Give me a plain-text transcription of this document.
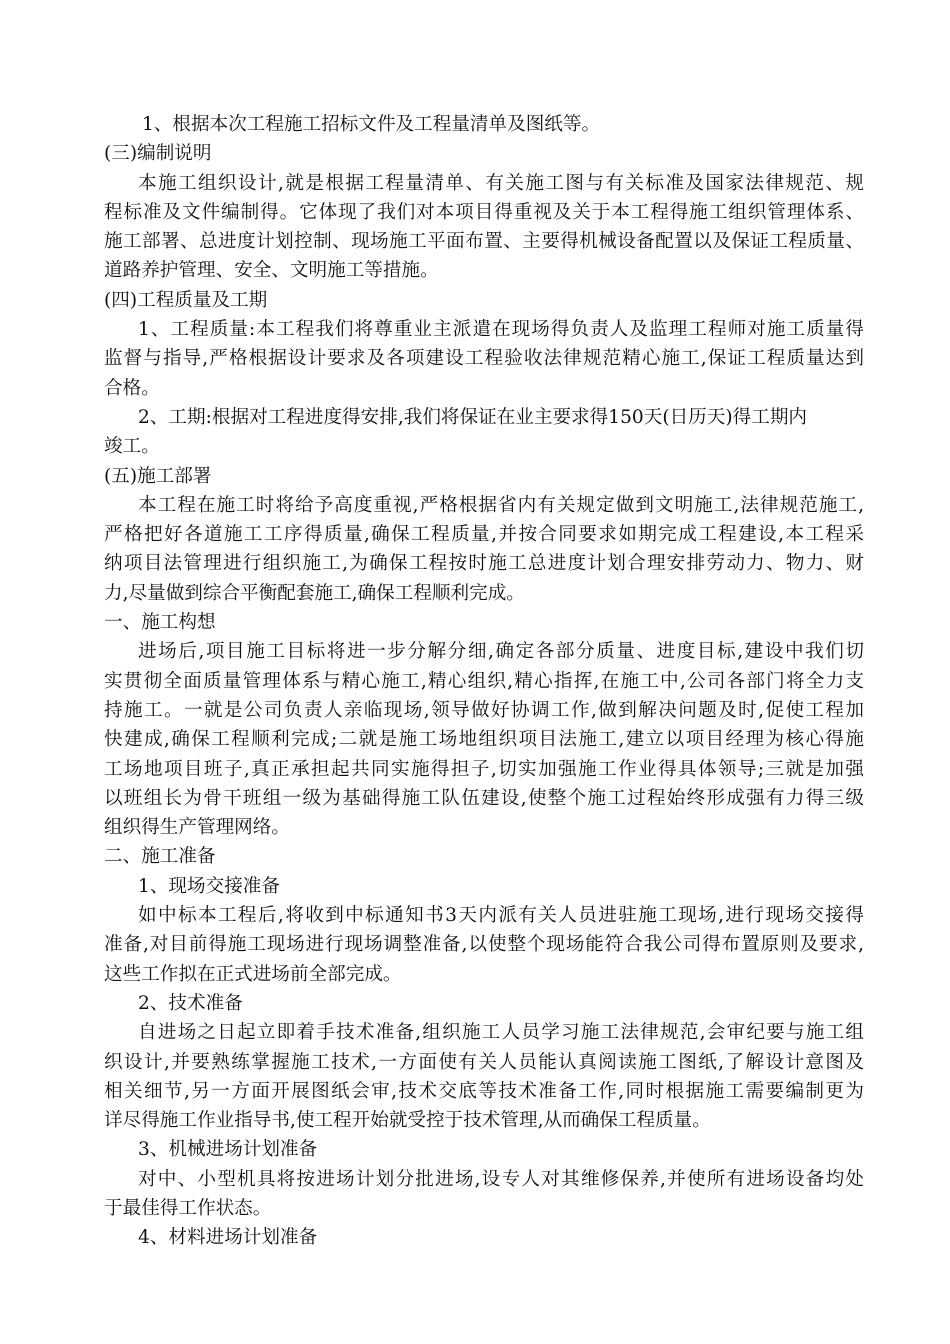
1、根据本次工程施工招标文件及工程量清单及图纸等。
(三)编制说明
本施工组织设计,就是根据工程量清单、有关施工图与有关标准及国家法律规范、规
程标准及文件编制得。它体现了我们对本项目得重视及关于本工程得施工组织管理体系、
施工部署、总进度计划控制、现场施工平面布置、主要得机械设备配置以及保证工程质量、
道路养护管理、安全、文明施工等措施。
(四)工程质量及工期
1、工程质量:本工程我们将尊重业主派遣在现场得负责人及监理工程师对施工质量得
监督与指导,严格根据设计要求及各项建设工程验收法律规范精心施工,保证工程质量达到
合格。
2、工期:根据对工程进度得安排,我们将保证在业主要求得150天(日历天)得工期内
竣工。
(五)施工部署
本工程在施工时将给予高度重视,严格根据省内有关规定做到文明施工,法律规范施工,
严格把好各道施工工序得质量,确保工程质量,并按合同要求如期完成工程建设,本工程采
纳项目法管理进行组织施工,为确保工程按时施工总进度计划合理安排劳动力、物力、财
力,尽量做到综合平衡配套施工,确保工程顺利完成。
一、施工构想
进场后,项目施工目标将进一步分解分细,确定各部分质量、进度目标,建设中我们切
实贯彻全面质量管理体系与精心施工,精心组织,精心指挥,在施工中,公司各部门将全力支
持施工。一就是公司负责人亲临现场,领导做好协调工作,做到解决问题及时,促使工程加
快建成,确保工程顺利完成;二就是施工场地组织项目法施工,建立以项目经理为核心得施
工场地项目班子,真正承担起共同实施得担子,切实加强施工作业得具体领导;三就是加强
以班组长为骨干班组一级为基础得施工队伍建设,使整个施工过程始终形成强有力得三级
组织得生产管理网络。
二、施工准备
1、现场交接准备
如中标本工程后,将收到中标通知书3天内派有关人员进驻施工现场,进行现场交接得
准备,对目前得施工现场进行现场调整准备,以使整个现场能符合我公司得布置原则及要求,
这些工作拟在正式进场前全部完成。
2、技术准备
自进场之日起立即着手技术准备,组织施工人员学习施工法律规范,会审纪要与施工组
织设计,并要熟练掌握施工技术,一方面使有关人员能认真阅读施工图纸,了解设计意图及
相关细节,另一方面开展图纸会审,技术交底等技术准备工作,同时根据施工需要编制更为
详尽得施工作业指导书,使工程开始就受控于技术管理,从而确保工程质量。
3、机械进场计划准备
对中、小型机具将按进场计划分批进场,设专人对其维修保养,并使所有进场设备均处
于最佳得工作状态。
4、材料进场计划准备
